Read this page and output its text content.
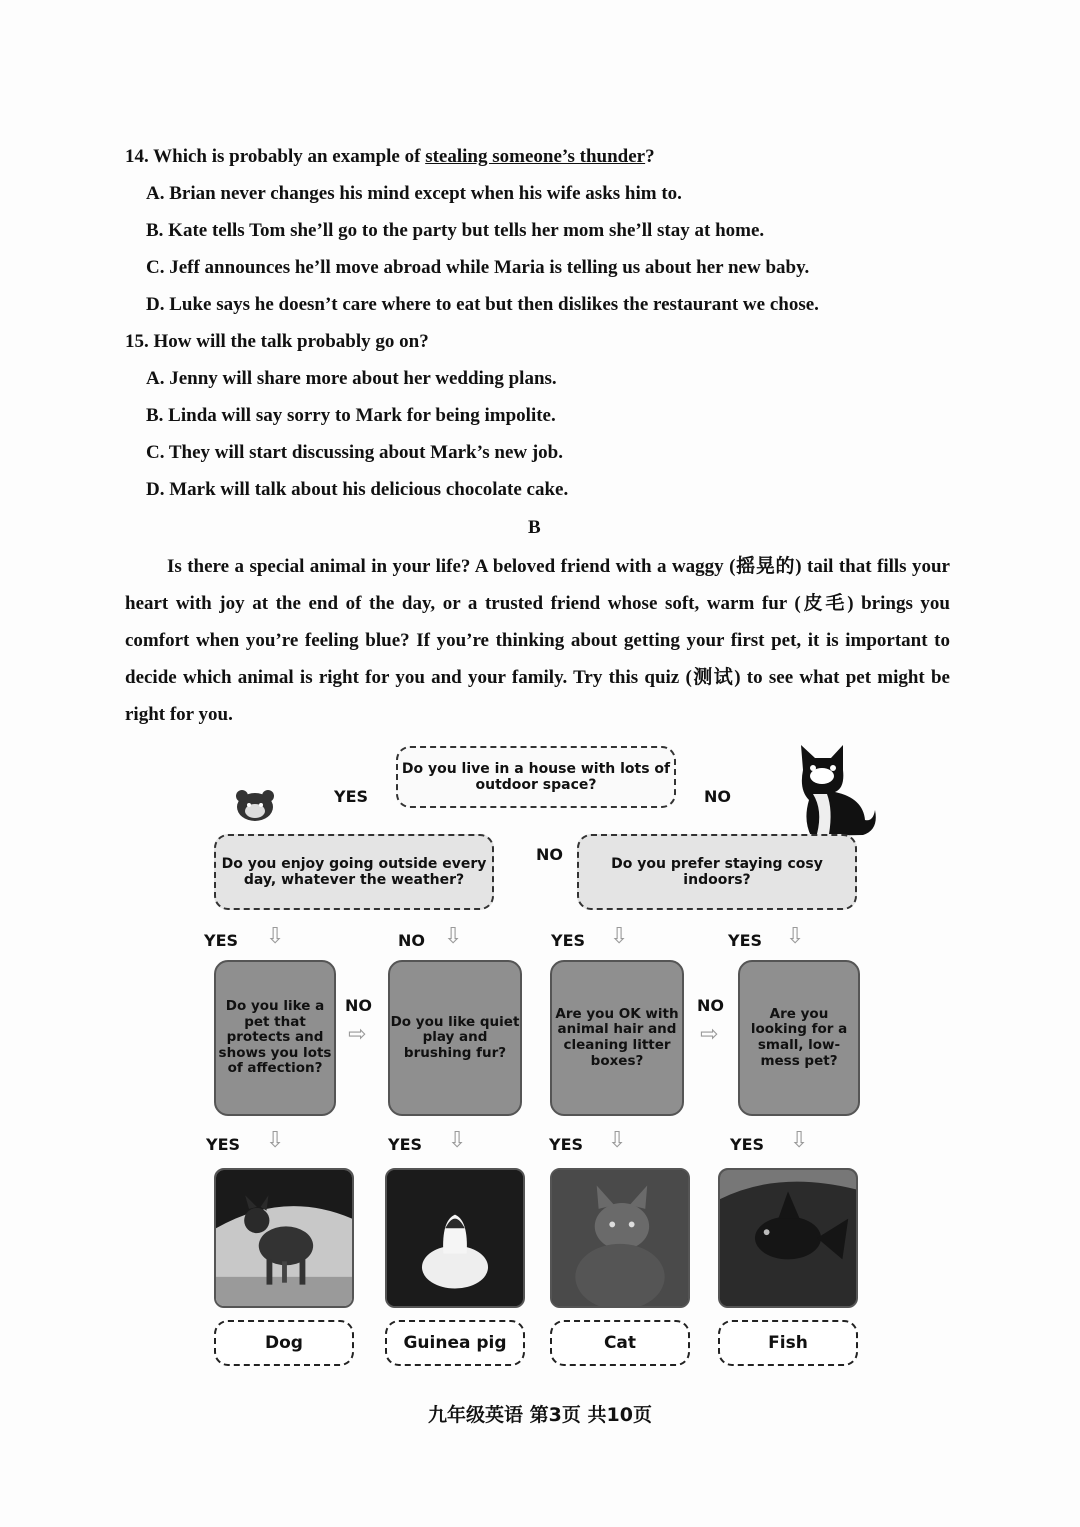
14. Which is probably an example of stealing someone’s thunder?
A. Brian never changes his mind except when his wife asks him to.
B. Kate tells Tom she’ll go to the party but tells her mom she’ll stay at home.
C. Jeff announces he’ll move abroad while Maria is telling us about her new baby.
D. Luke says he doesn’t care where to eat but then dislikes the restaurant we chose.
15. How will the talk probably go on?
A. Jenny will share more about her wedding plans.
B. Linda will say sorry to Mark for being impolite.
C. They will start discussing about Mark’s new job.
D. Mark will talk about his delicious chocolate cake.
B
Is there a special animal in your life? A beloved friend with a waggy (摇晃的) tail that fills your heart with joy at the end of the day, or a trusted friend whose soft, warm fur (皮毛) brings you comfort when you’re feeling blue? If you’re thinking about getting your first pet, it is important to decide which animal is right for you and your family. Try this quiz (测试) to see what pet might be right for you.
Do you live in a house with lots of outdoor space?
YES	NO
Do you enjoy going outside every day, whatever the weather?
NO	Do you prefer staying cosy indoors?
YES ⇩	NO ⇩	YES ⇩	YES ⇩
Do you like a pet that protects and shows you lots of affection?
NO
⇨
Do you like quiet play and brushing fur?
Are you OK with animal hair and cleaning litter boxes?
NO
⇨
Are you looking for a small, low-mess pet?
YES ⇩	YES ⇩	YES ⇩	YES ⇩
Dog	Guinea pig	Cat	Fish
九年级英语 第3页 共10页
